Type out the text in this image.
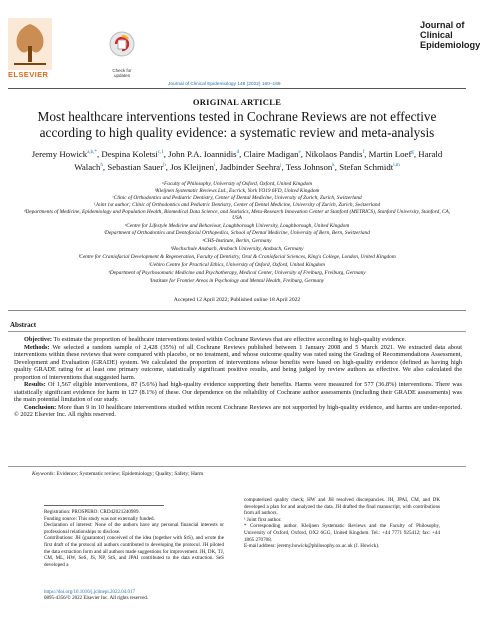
ELSEVIER	Check for updates
Journal of Clinical Epidemiology 148 (2022) 160–169
Journal of Clinical Epidemiology
ORIGINAL ARTICLE
Most healthcare interventions tested in Cochrane Reviews are not effective according to high quality evidence: a systematic review and meta-analysis
Jeremy Howick$^{a,b,*}$, Despina Koletsi$^{c,1}$, John P.A. Ioannidis$^d$, Claire Madigan$^e$, Nikolaos Pandis$^f$, Martin Loef$^g$, Harald Walach$^h$, Sebastian Sauer$^h$, Jos Kleijnen$^i$, Jadbinder Seehra$^j$, Tess Johnson$^k$, Stefan Schmidt$^{l,m}$
ᵃFaculty of Philosophy, University of Oxford, Oxford, United Kingdom
ᵇKleijnen Systematic Reviews Ltd., Escrick, York YO19 6FD, United Kingdom
ᶜClinic of Orthodontics and Pediatric Dentistry, Center of Dental Medicine, University of Zurich, Zurich, Switzerland
¹Joint 1st author; Clinic of Orthodontics and Pediatric Dentistry, Center of Dental Medicine, University of Zurich, Zurich, Switzerland
ᵈDepartments of Medicine, Epidemiology and Population Health, Biomedical Data Science, and Statistics, Meta-Research Innovation Center at Stanford (METRICS), Stanford University, Stanford, CA, USA
ᵉCentre for Lifestyle Medicine and Behaviour, Loughborough University, Loughborough, United Kingdom
ᶠDepartment of Orthodontics and Dentofacial Orthopedics, School of Dental Medicine, University of Bern, Bern, Switzerland
ᵍCHS-Institute, Berlin, Germany
ʰHochschule Ansbach, Ansbach University, Ansbach, Germany
ⁱCentre for Craniofacial Development & Regeneration, Faculty of Dentistry, Oral & Craniofacial Sciences, King's College, London, United Kingdom
ʲUehiro Centre for Practical Ethics, University of Oxford, Oxford, United Kingdom
ᵏDepartment of Psychosomatic Medicine and Psychotherapy, Medical Center, University of Freiburg, Freiburg, Germany
ˡInstitute for Frontier Areas in Psychology and Mental Health, Freiburg, Germany
Accepted 12 April 2022; Published online 18 April 2022
Abstract

Objective: To estimate the proportion of healthcare interventions tested within Cochrane Reviews that are effective according to high-quality evidence.

Methods: We selected a random sample of 2,428 (35%) of all Cochrane Reviews published between 1 January 2008 and 5 March 2021. We extracted data about interventions within these reviews that were compared with placebo, or no treatment, and whose outcome quality was rated using the Grading of Recommendations Assessment, Development and Evaluation (GRADE) system. We calculated the proportion of interventions whose benefits were based on high-quality evidence (defined as having high quality GRADE rating for at least one primary outcome, statistically significant positive results, and being judged by review authors as effective. We also calculated the proportion of interventions that suggested harm.

Results: Of 1,567 eligible interventions, 87 (5.6%) had high-quality evidence supporting their benefits. Harms were measured for 577 (36.8%) interventions. There was statistically significant evidence for harm in 127 (8.1%) of these. Our dependence on the reliability of Cochrane author assessments (including their GRADE assessments) was the main potential limitation of our study.

Conclusion: More than 9 in 10 healthcare interventions studied within recent Cochrane Reviews are not supported by high-quality evidence, and harms are under-reported. © 2022 Elsevier Inc. All rights reserved.

Keywords: Evidence; Systematic review; Epidemiology; Quality; Safety; Harm
Registration: PROSPERO: CRD42021240989.
Funding source: This study was not externally funded.
Declaration of interest: None of the authors have any personal financial interests or professional relationships to disclose.
Contributions: JH (guarantor) conceived of the idea (together with SrS), and wrote the first draft of the protocol all authors contributed to developing the protocol. JH piloted the data extraction form and all authors made suggestions for improvement. JH, DK, TJ, CM, ML, HW, SeS, JS, NP, StS, and JPAI contributed to the data extraction. SeS developed a
computerized quality check; HW and JH resolved discrepancies. JH, JPAI, CM, and DK developed a plan for and analyzed the data. JH drafted the final manuscript, with contributions from all authors.
¹ Joint first author.
* Corresponding author. Kleijnen Systematic Reviews and the Faculty of Philosophy, University of Oxford, Oxford, OX2 6GG, United Kingdom. Tel.: +44 7771 925412; fax: +44 1865 270708.
E-mail address: jeremy.howick@philosophy.ox.ac.uk (J. Howick).
https://doi.org/10.1016/j.jclinepi.2022.04.017
0895-4356/© 2022 Elsevier Inc. All rights reserved.
